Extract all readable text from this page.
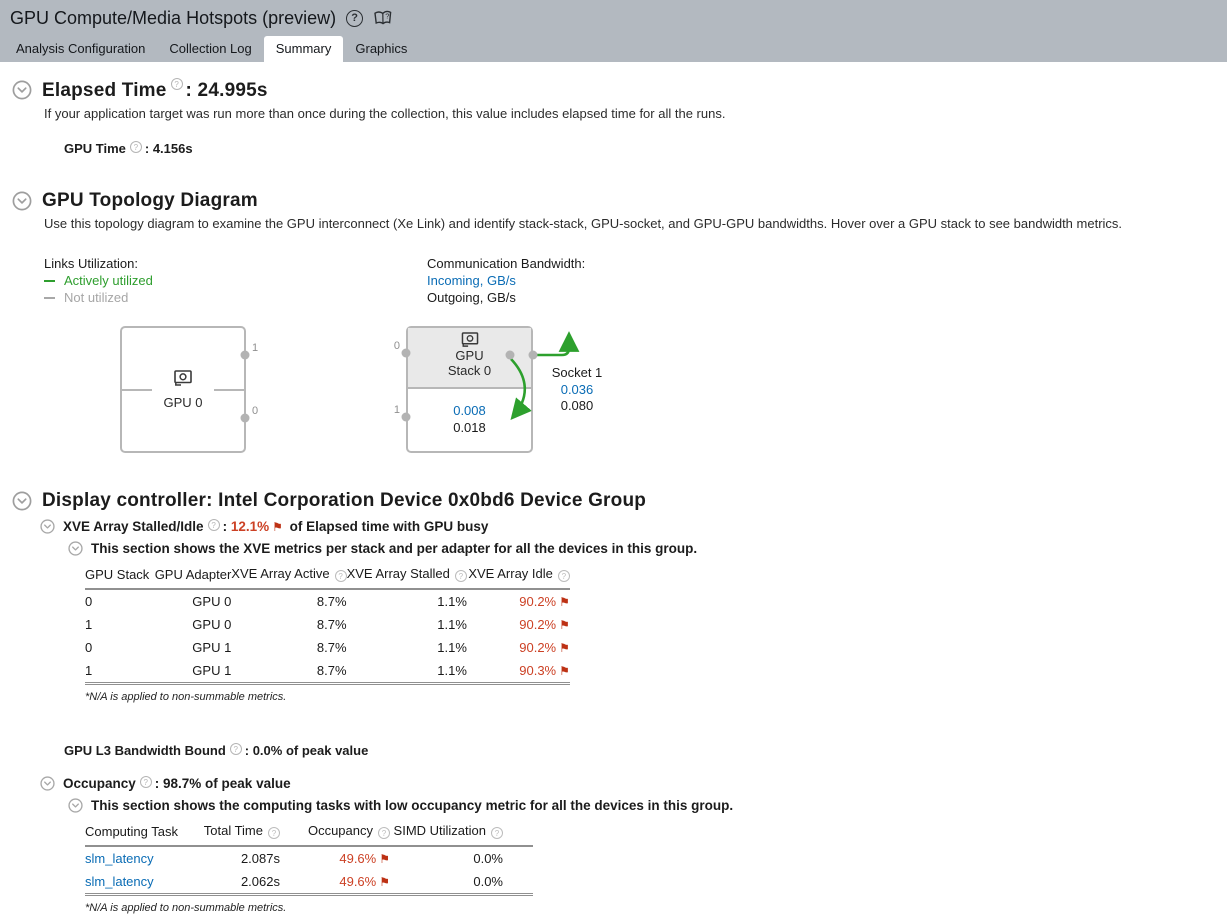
GPU Compute/Media Hotspots (preview) ?	?
Analysis Configuration	Collection Log	Summary	Graphics
Elapsed Time ? : 24.995s
If your application target was run more than once during the collection, this value includes elapsed time for all the runs.
GPU Time ? : 4.156s
GPU Topology Diagram
Use this topology diagram to examine the GPU interconnect (Xe Link) and identify stack-stack, GPU-socket, and GPU-GPU bandwidths. Hover over a GPU stack to see bandwidth metrics.
Links Utilization:
Actively utilized
Not utilized
Communication Bandwidth:
Incoming, GB/s
Outgoing, GB/s
GPU 0
GPU
Stack 0
0.008
0.018
Socket 1
0.036
0.080
1
0
0
1
Display controller: Intel Corporation Device 0x0bd6 Device Group
XVE Array Stalled/Idle ? : 12.1% ⚑ of Elapsed time with GPU busy
This section shows the XVE metrics per stack and per adapter for all the devices in this group.
GPU Stack	GPU Adapter	XVE Array Active?	XVE Array Stalled?	XVE Array Idle?
0	GPU 0	8.7%	1.1%	90.2%⚑
1	GPU 0	8.7%	1.1%	90.2%⚑
0	GPU 1	8.7%	1.1%	90.2%⚑
1	GPU 1	8.7%	1.1%	90.3%⚑
*N/A is applied to non-summable metrics.
GPU L3 Bandwidth Bound ? : 0.0% of peak value
Occupancy ? : 98.7% of peak value
This section shows the computing tasks with low occupancy metric for all the devices in this group.
Computing Task	Total Time?	Occupancy?	SIMD Utilization?
slm_latency	2.087s	49.6%⚑	0.0%
slm_latency	2.062s	49.6%⚑	0.0%
*N/A is applied to non-summable metrics.
